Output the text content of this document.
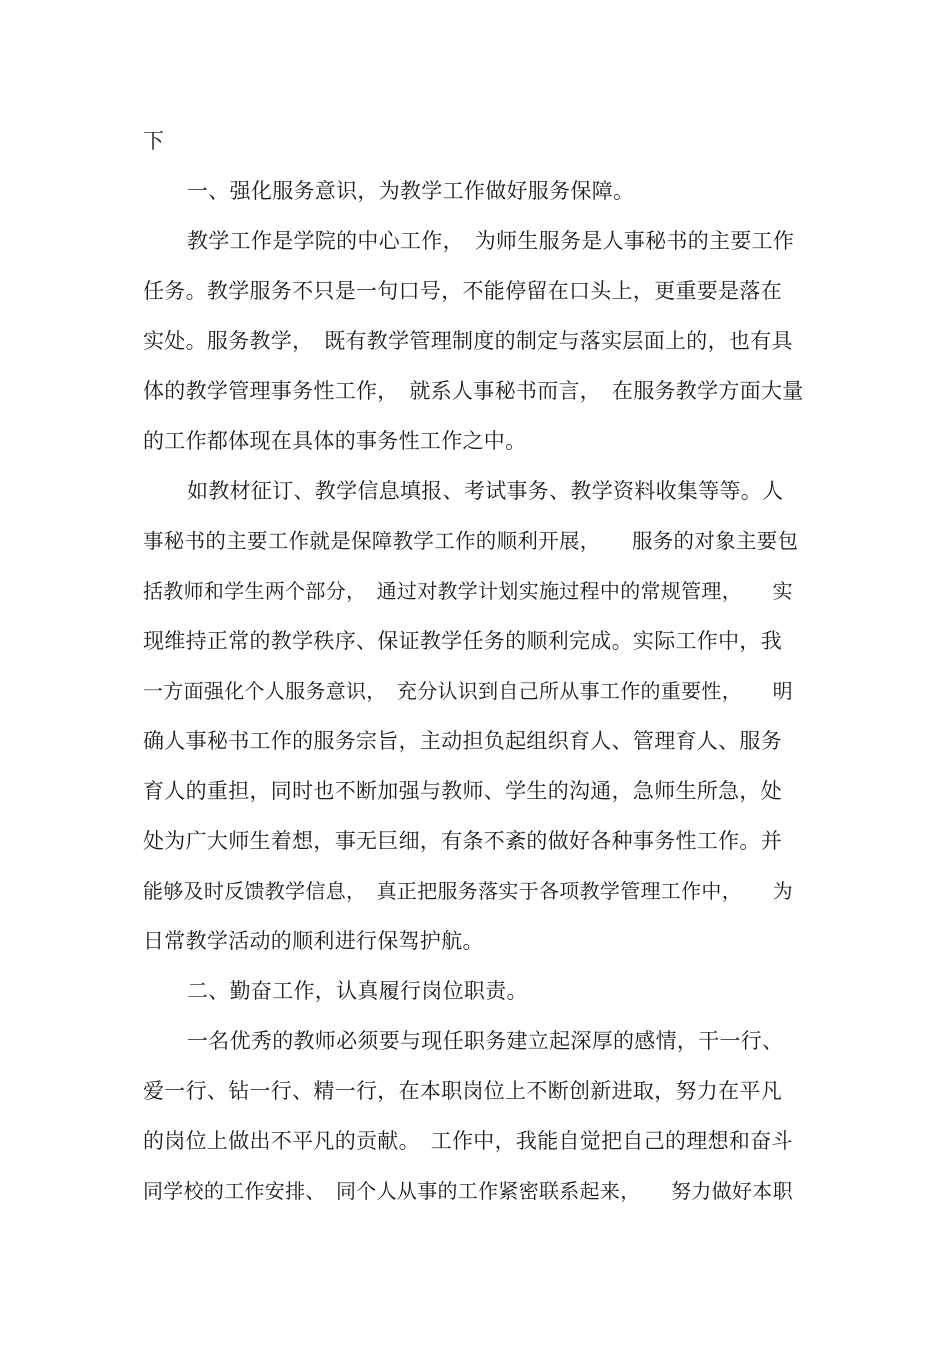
下
一、强化服务意识，为教学工作做好服务保障。
教学工作是学院的中心工作，　为师生服务是人事秘书的主要工作
任务。教学服务不只是一句口号，不能停留在口头上，更重要是落在
实处。服务教学，　既有教学管理制度的制定与落实层面上的，也有具
体的教学管理事务性工作，　就系人事秘书而言，　在服务教学方面大量
的工作都体现在具体的事务性工作之中。
如教材征订、教学信息填报、考试事务、教学资料收集等等。人
事秘书的主要工作就是保障教学工作的顺利开展，　　服务的对象主要包
括教师和学生两个部分，　通过对教学计划实施过程中的常规管理，　　实
现维持正常的教学秩序、保证教学任务的顺利完成。实际工作中，我
一方面强化个人服务意识，　充分认识到自己所从事工作的重要性，　　明
确人事秘书工作的服务宗旨，主动担负起组织育人、管理育人、服务
育人的重担，同时也不断加强与教师、学生的沟通，急师生所急，处
处为广大师生着想，事无巨细，有条不紊的做好各种事务性工作。并
能够及时反馈教学信息，　真正把服务落实于各项教学管理工作中，　　为
日常教学活动的顺利进行保驾护航。
二、勤奋工作，认真履行岗位职责。
一名优秀的教师必须要与现任职务建立起深厚的感情，干一行、
爱一行、钻一行、精一行，在本职岗位上不断创新进取，努力在平凡
的岗位上做出不平凡的贡献。　工作中，我能自觉把自己的理想和奋斗
同学校的工作安排、　同个人从事的工作紧密联系起来，　　努力做好本职
